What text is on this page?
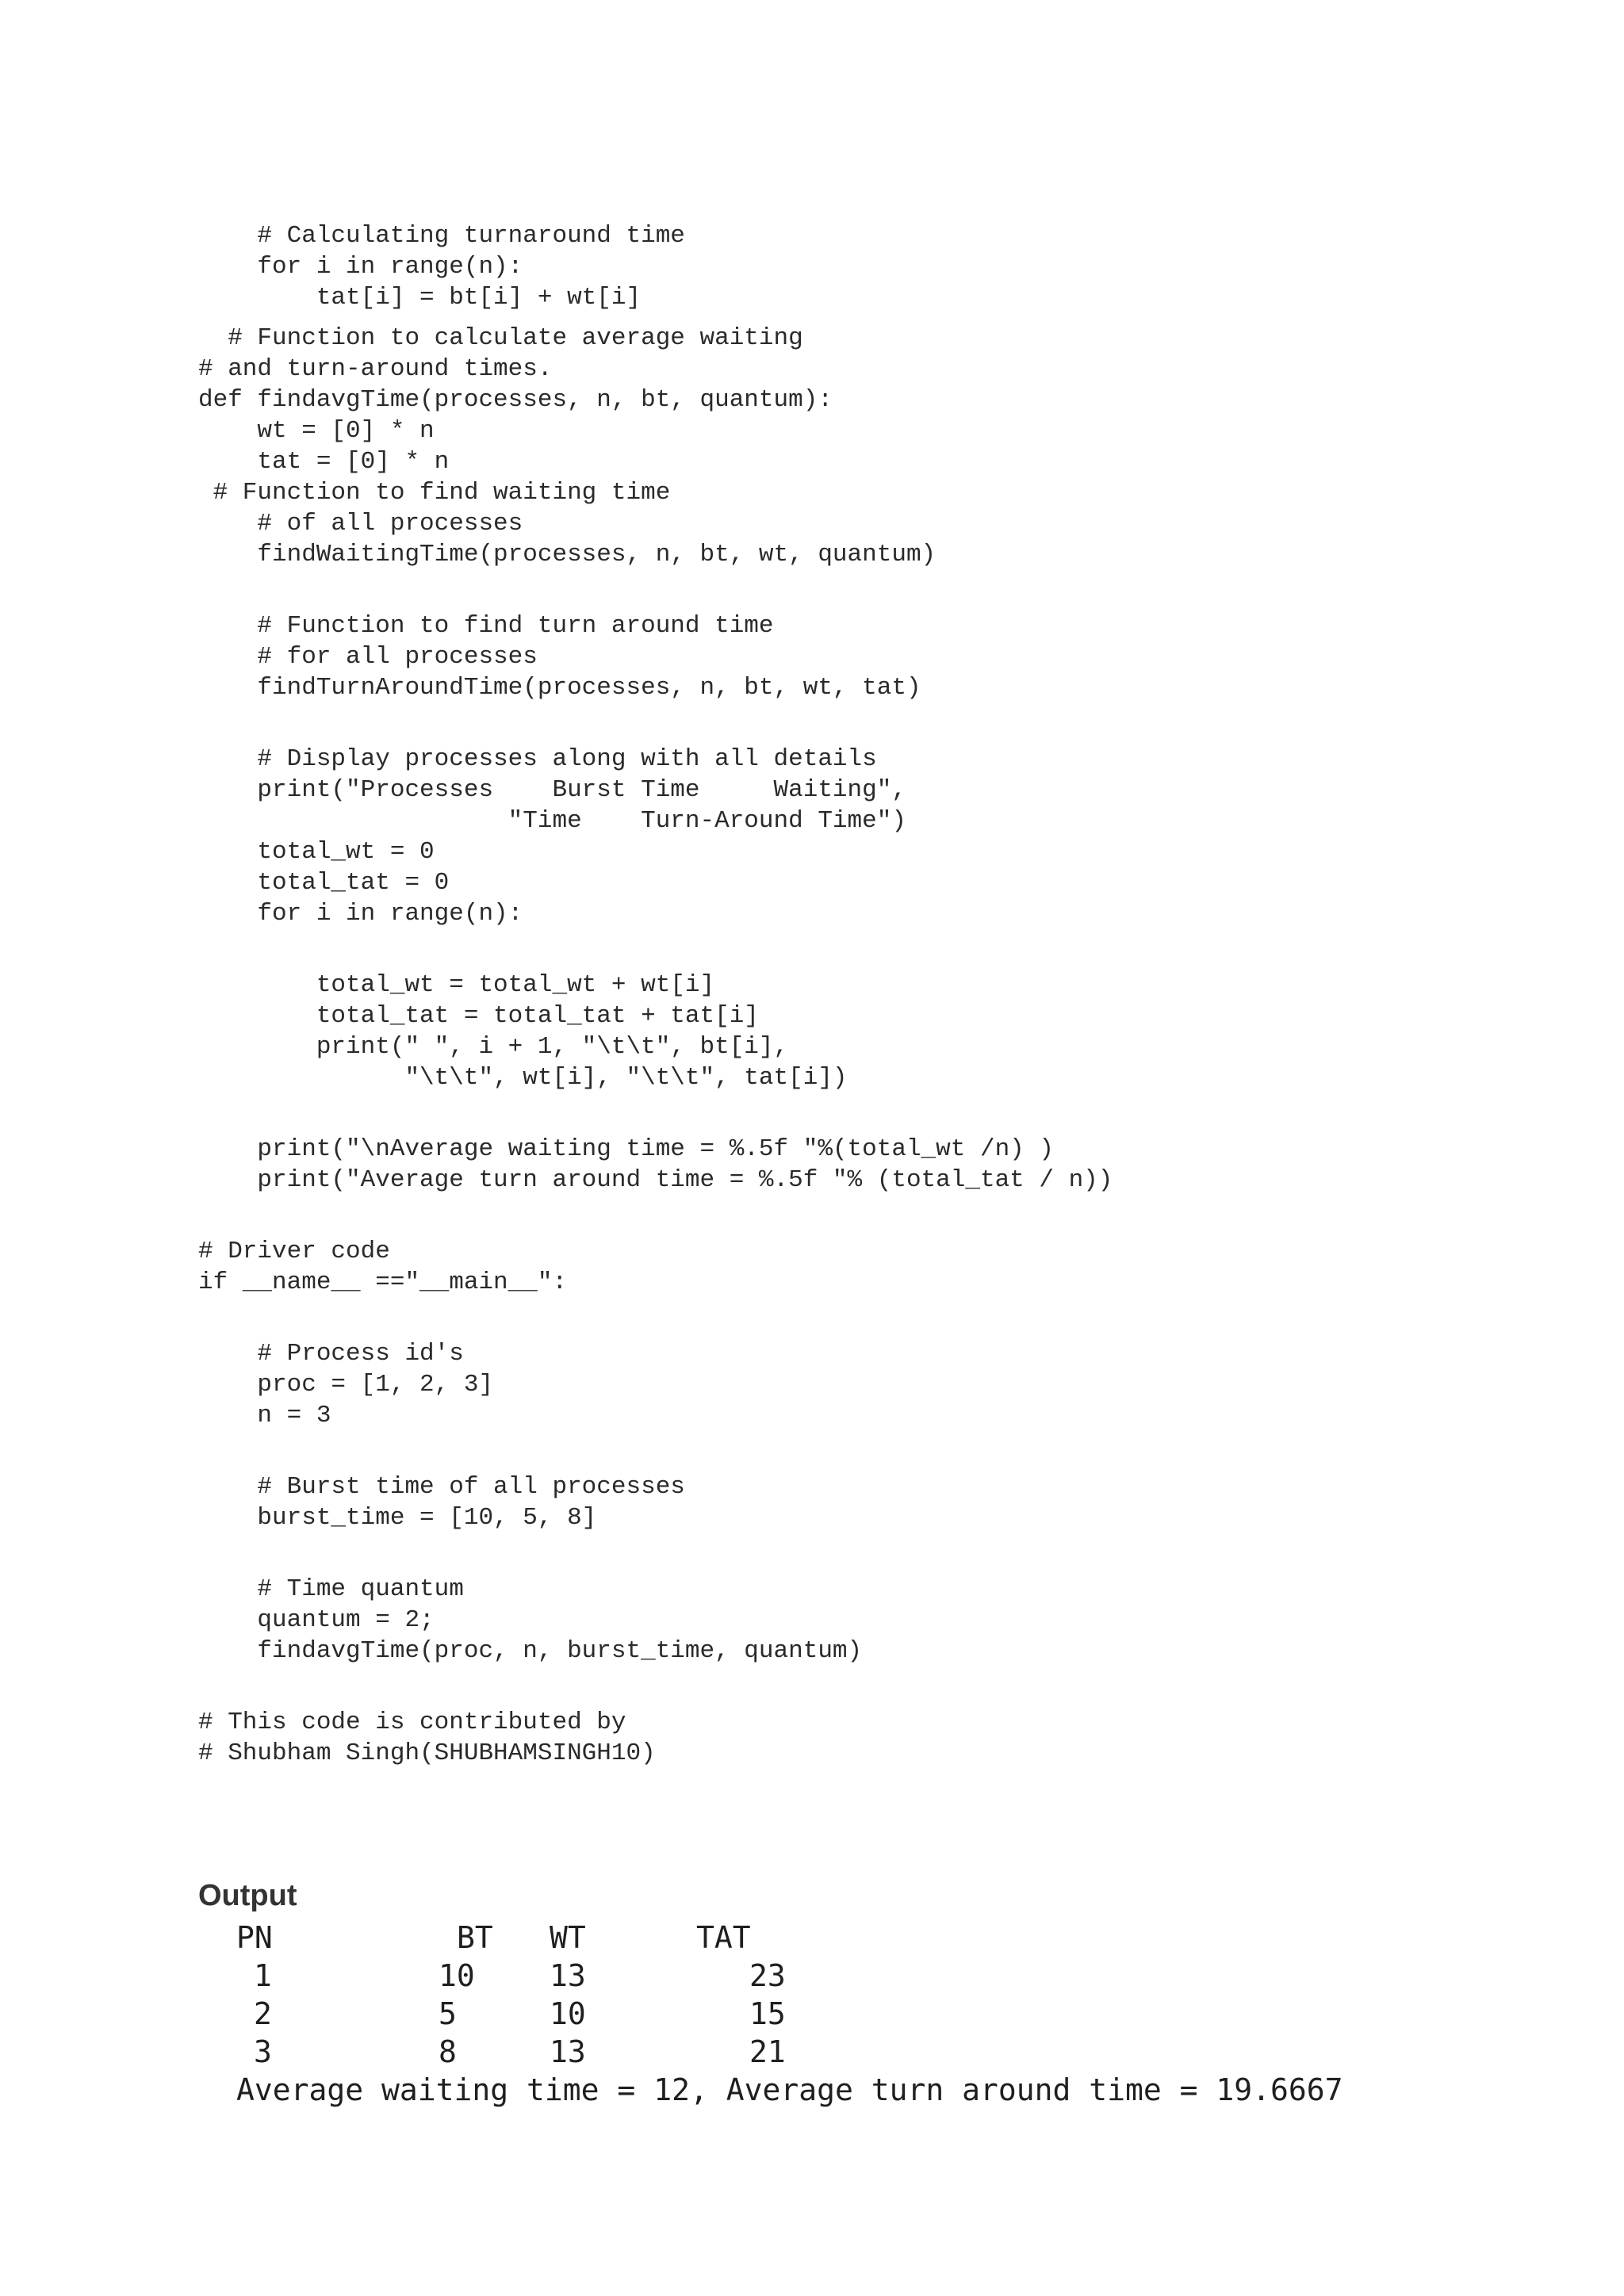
# Calculating turnaround time
for i in range(n):
tat[i] = bt[i] + wt[i]
# Function to calculate average waiting
# and turn-around times.
def findavgTime(processes, n, bt, quantum):
wt = [0] * n
tat = [0] * n
# Function to find waiting time
# of all processes
findWaitingTime(processes, n, bt, wt, quantum)
# Function to find turn around time
# for all processes
findTurnAroundTime(processes, n, bt, wt, tat)
# Display processes along with all details
print("Processes    Burst Time     Waiting",
"Time    Turn-Around Time")
total_wt = 0
total_tat = 0
for i in range(n):
total_wt = total_wt + wt[i]
total_tat = total_tat + tat[i]
print(" ", i + 1, "\t\t", bt[i],
"\t\t", wt[i], "\t\t", tat[i])
print("\nAverage waiting time = %.5f "%(total_wt /n) )
print("Average turn around time = %.5f "% (total_tat / n))
# Driver code
if __name__ =="__main__":
# Process id's
proc = [1, 2, 3]
n = 3
# Burst time of all processes
burst_time = [10, 5, 8]
# Time quantum
quantum = 2;
findavgTime(proc, n, burst_time, quantum)
# This code is contributed by
# Shubham Singh(SHUBHAMSINGH10)
Output
PN	BT WT	TAT
1	10 13	23
2	5	10	15
3	8	13	21
Average waiting time = 12, Average turn around time = 19.6667
